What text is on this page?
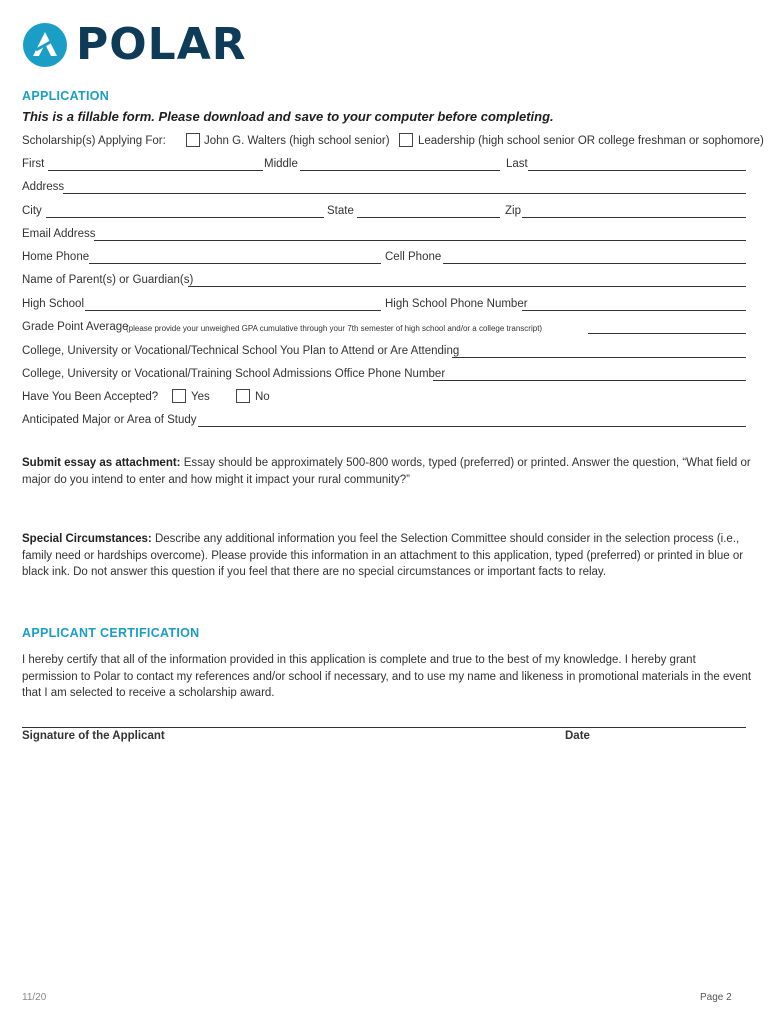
POLAR
APPLICATION
This is a fillable form. Please download and save to your computer before completing.
Scholarship(s) Applying For:	John G. Walters (high school senior) Leadership (high school senior OR college freshman or sophomore)
First	Middle	Last
Address
City	State	Zip
Email Address
Home Phone	Cell Phone
Name of Parent(s) or Guardian(s)
High School	High School Phone Number
Grade Point Average
(please provide your unweighed GPA cumulative through your 7th semester of high school and/or a college transcript)
College, University or Vocational/Technical School You Plan to Attend or Are Attending
College, University or Vocational/Training School Admissions Office Phone Number
Have You Been Accepted?	Yes	No
Anticipated Major or Area of Study
Submit essay as attachment: Essay should be approximately 500-800 words, typed (preferred) or printed. Answer the question, “What field or major do you intend to enter and how might it impact your rural community?”
Special Circumstances: Describe any additional information you feel the Selection Committee should consider in the selection process (i.e., family need or hardships overcome). Please provide this information in an attachment to this application, typed (preferred) or printed in blue or black ink. Do not answer this question if you feel that there are no special circumstances or important facts to relay.
APPLICANT CERTIFICATION
I hereby certify that all of the information provided in this application is complete and true to the best of my knowledge. I hereby grant permission to Polar to contact my references and/or school if necessary, and to use my name and likeness in promotional materials in the event that I am selected to receive a scholarship award.
Signature of the Applicant	Date
11/20	Page 2
